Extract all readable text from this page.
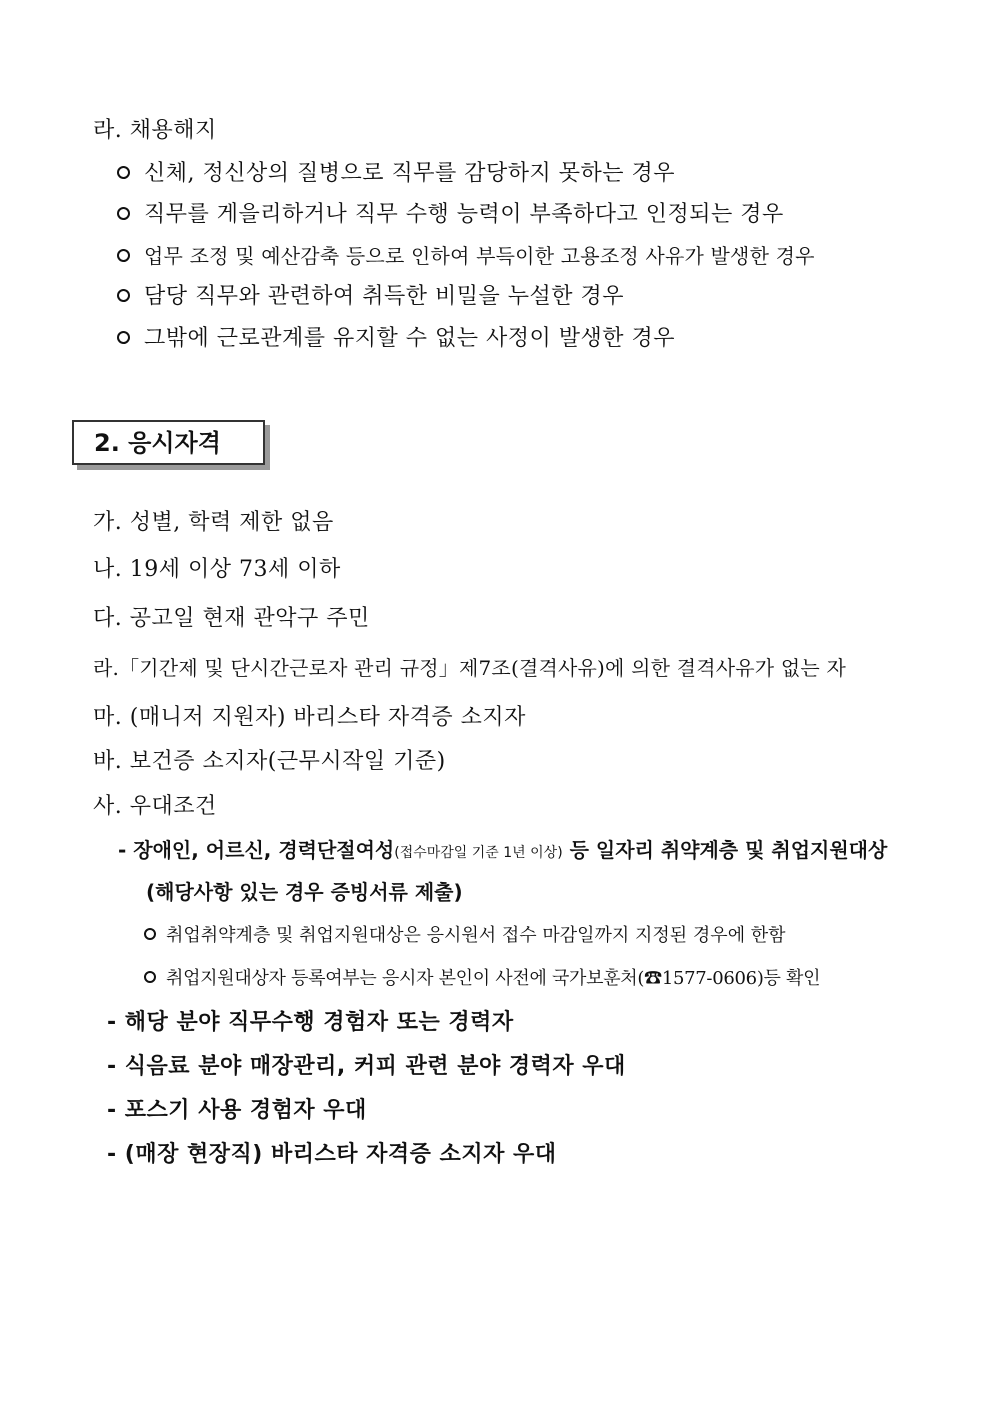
라. 채용해지
신체, 정신상의 질병으로 직무를 감당하지 못하는 경우
직무를 게을리하거나 직무 수행 능력이 부족하다고 인정되는 경우
업무 조정 및 예산감축 등으로 인하여 부득이한 고용조정 사유가 발생한 경우
담당 직무와 관련하여 취득한 비밀을 누설한 경우
그밖에 근로관계를 유지할 수 없는 사정이 발생한 경우
2. 응시자격
가. 성별, 학력 제한 없음
나. 19세 이상 73세 이하
다. 공고일 현재 관악구 주민
라.「기간제 및 단시간근로자 관리 규정」제7조(결격사유)에 의한 결격사유가 없는 자
마. (매니저 지원자) 바리스타 자격증 소지자
바. 보건증 소지자(근무시작일 기준)
사. 우대조건
- 장애인, 어르신, 경력단절여성(접수마감일 기준 1년 이상) 등 일자리 취약계층 및 취업지원대상
(해당사항 있는 경우 증빙서류 제출)
취업취약계층 및 취업지원대상은 응시원서 접수 마감일까지 지정된 경우에 한함
취업지원대상자 등록여부는 응시자 본인이 사전에 국가보훈처(☎1577-0606)등 확인
- 해당 분야 직무수행 경험자 또는 경력자
- 식음료 분야 매장관리, 커피 관련 분야 경력자 우대
- 포스기 사용 경험자 우대
- (매장 현장직) 바리스타 자격증 소지자 우대
